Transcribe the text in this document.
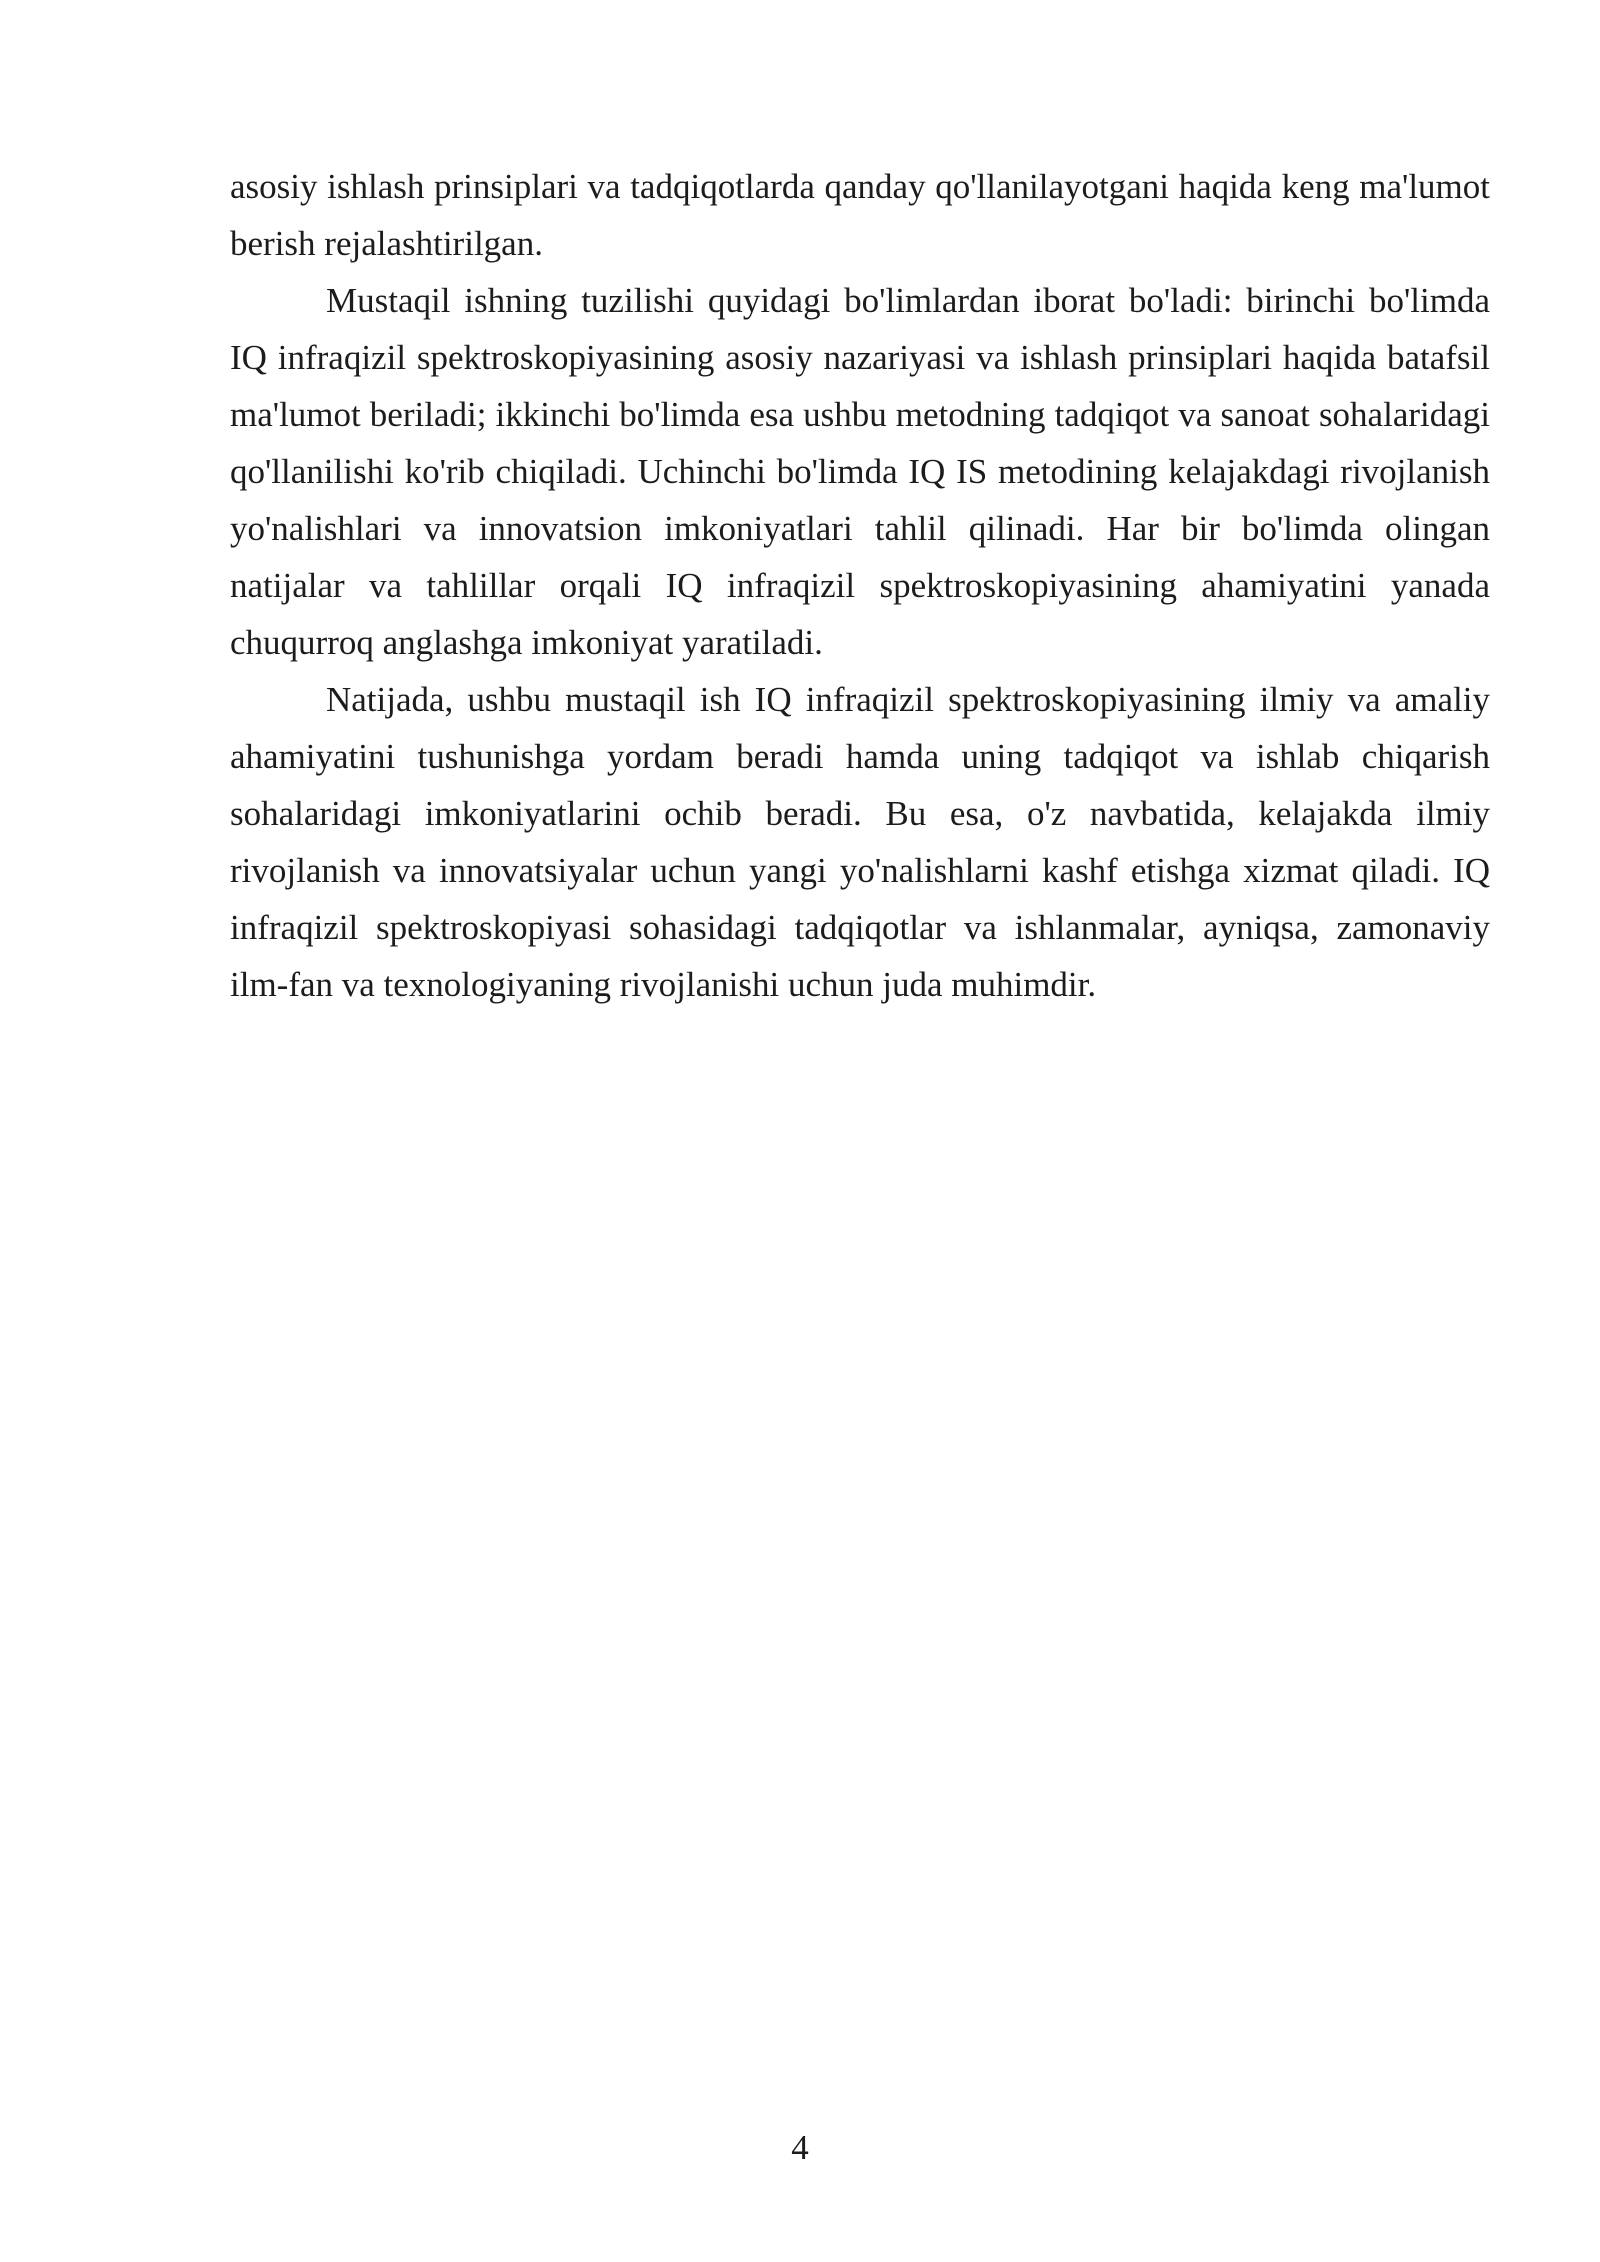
asosiy ishlash prinsiplari va tadqiqotlarda qanday qo'llanilayotgani haqida keng ma'lumot berish rejalashtirilgan.

Mustaqil ishning tuzilishi quyidagi bo'limlardan iborat bo'ladi: birinchi bo'limda IQ infraqizil spektroskopiyasining asosiy nazariyasi va ishlash prinsiplari haqida batafsil ma'lumot beriladi; ikkinchi bo'limda esa ushbu metodning tadqiqot va sanoat sohalaridagi qo'llanilishi ko'rib chiqiladi. Uchinchi bo'limda IQ IS metodining kelajakdagi rivojlanish yo'nalishlari va innovatsion imkoniyatlari tahlil qilinadi. Har bir bo'limda olingan natijalar va tahlillar orqali IQ infraqizil spektroskopiyasining ahamiyatini yanada chuqurroq anglashga imkoniyat yaratiladi.

Natijada, ushbu mustaqil ish IQ infraqizil spektroskopiyasining ilmiy va amaliy ahamiyatini tushunishga yordam beradi hamda uning tadqiqot va ishlab chiqarish sohalaridagi imkoniyatlarini ochib beradi. Bu esa, o'z navbatida, kelajakda ilmiy rivojlanish va innovatsiyalar uchun yangi yo'nalishlarni kashf etishga xizmat qiladi. IQ infraqizil spektroskopiyasi sohasidagi tadqiqotlar va ishlanmalar, ayniqsa, zamonaviy ilm-fan va texnologiyaning rivojlanishi uchun juda muhimdir.

4
